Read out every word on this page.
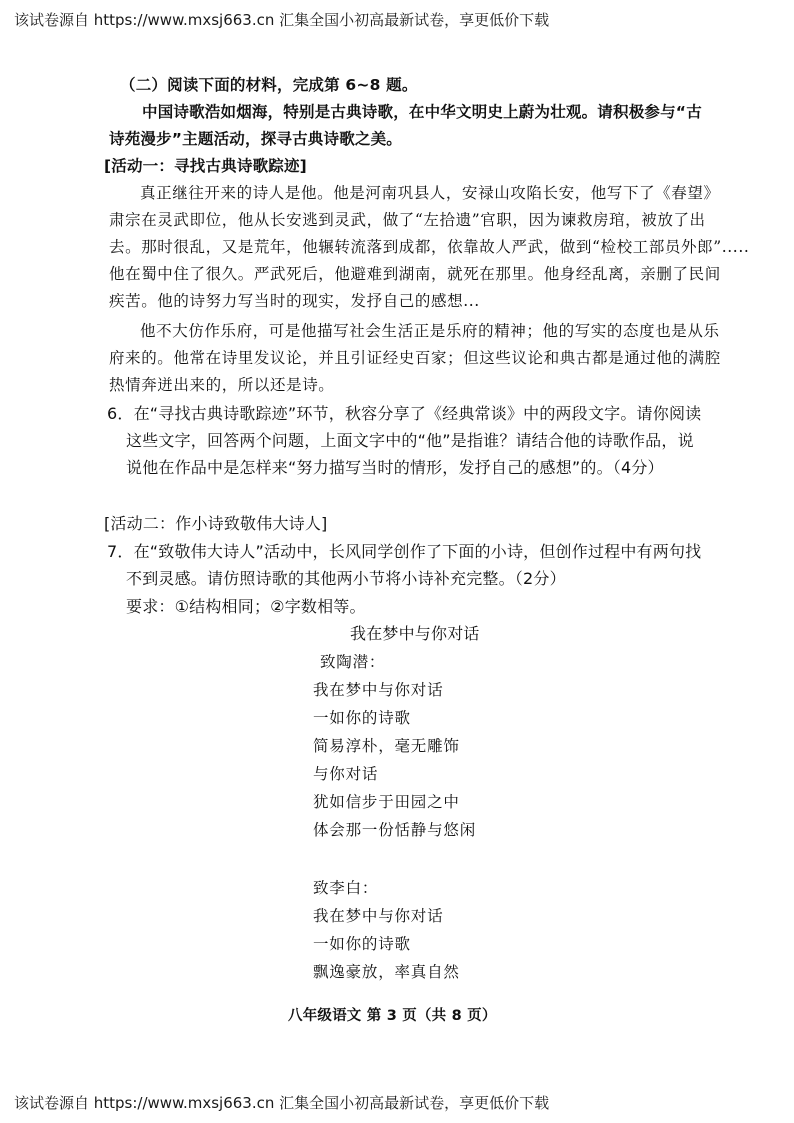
该试卷源自 https://www.mxsj663.cn 汇集全国小初高最新试卷，享更低价下载
（二）阅读下面的材料，完成第 6~8 题。
中国诗歌浩如烟海，特别是古典诗歌，在中华文明史上蔚为壮观。请积极参与“古
诗苑漫步”主题活动，探寻古典诗歌之美。
[活动一：寻找古典诗歌踪迹]
真正继往开来的诗人是他。他是河南巩县人，安禄山攻陷长安，他写下了《春望》
肃宗在灵武即位，他从长安逃到灵武，做了“左拾遗”官职，因为谏救房琯，被放了出
去。那时很乱，又是荒年，他辗转流落到成都，依靠故人严武，做到“检校工部员外郎”.....
他在蜀中住了很久。严武死后，他避难到湖南，就死在那里。他身经乱离，亲删了民间
疾苦。他的诗努力写当时的现实，发抒自己的感想...
他不大仿作乐府，可是他描写社会生活正是乐府的精神；他的写实的态度也是从乐
府来的。他常在诗里发议论，并且引证经史百家；但这些议论和典古都是通过他的满腔
热情奔迸出来的，所以还是诗。
6．在“寻找古典诗歌踪迹”环节，秋容分享了《经典常谈》中的两段文字。请你阅读
这些文字，回答两个问题，上面文字中的“他”是指谁？请结合他的诗歌作品，说
说他在作品中是怎样来“努力描写当时的情形，发抒自己的感想”的。（4分）
[活动二：作小诗致敬伟大诗人]
7．在“致敬伟大诗人”活动中，长风同学创作了下面的小诗，但创作过程中有两句找
不到灵感。请仿照诗歌的其他两小节将小诗补充完整。（2分）
要求：①结构相同；②字数相等。
我在梦中与你对话
致陶潜：
我在梦中与你对话
一如你的诗歌
简易淳朴，毫无雕饰
与你对话
犹如信步于田园之中
体会那一份恬静与悠闲
致李白：
我在梦中与你对话
一如你的诗歌
飘逸豪放，率真自然
八年级语文 第 3 页（共 8 页）
该试卷源自 https://www.mxsj663.cn 汇集全国小初高最新试卷，享更低价下载
